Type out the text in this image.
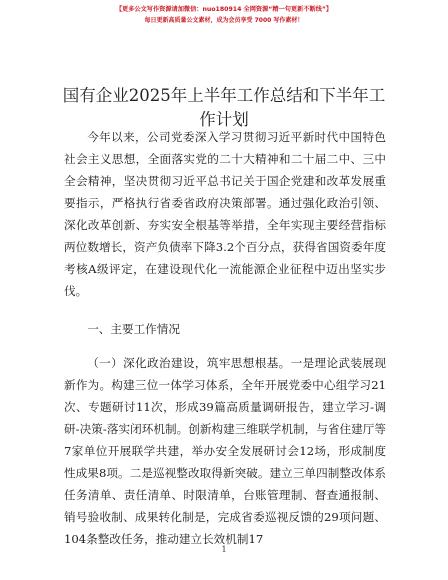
【更多公文写作资源请加微信：nuo180914 全网资源“精一句更新不断线”】
每日更新高质量公文素材，成为会员享受 7000 写作素材！
国有企业2025年上半年工作总结和下半年工作计划

今年以来，公司党委深入学习贯彻习近平新时代中国特色社会主义思想，全面落实党的二十大精神和二十届二中、三中全会精神，坚决贯彻习近平总书记关于国企党建和改革发展重要指示，严格执行省委省政府决策部署。通过强化政治引领、深化改革创新、夯实安全根基等举措，全年实现主要经营指标两位数增长，资产负债率下降3.2个百分点，获得省国资委年度考核A级评定，在建设现代化一流能源企业征程中迈出坚实步伐。

一、主要工作情况

（一）深化政治建设，筑牢思想根基。一是理论武装展现新作为。构建三位一体学习体系，全年开展党委中心组学习21次、专题研讨11次，形成39篇高质量调研报告，建立学习-调研-决策-落实闭环机制。创新构建三维联学机制，与省住建厅等7家单位开展联学共建，举办安全发展研讨会12场，形成制度性成果8项。二是巡视整改取得新突破。建立三单四制整改体系任务清单、责任清单、时限清单，台账管理制、督查通报制、销号验收制、成果转化制是，完成省委巡视反馈的29项问题、104条整改任务，推动建立长效机制17

1
